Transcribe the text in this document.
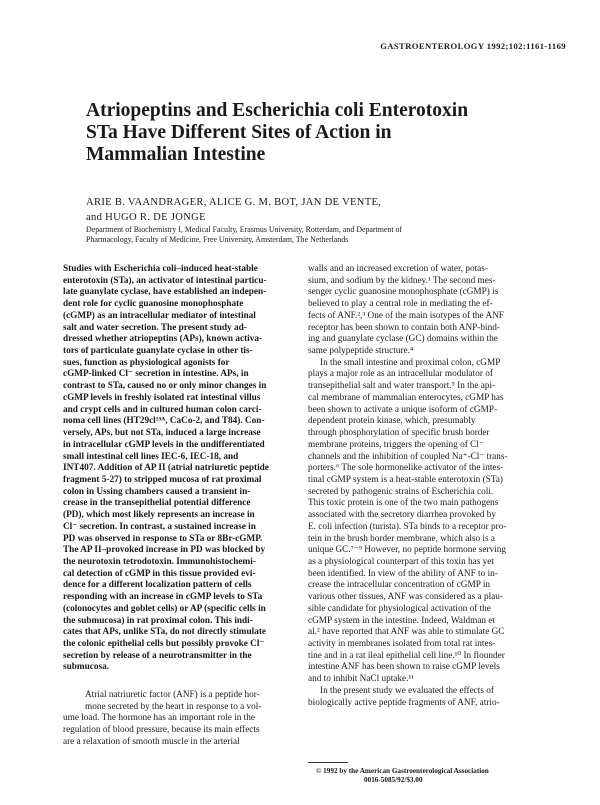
GASTROENTEROLOGY 1992;102:1161-1169
Atriopeptins and Escherichia coli Enterotoxin
STa Have Different Sites of Action in
Mammalian Intestine
ARIE B. VAANDRAGER, ALICE G. M. BOT, JAN DE VENTE,
and HUGO R. DE JONGE
Department of Biochemistry I, Medical Faculty, Erasmus University, Rotterdam, and Department of
Pharmacology, Faculty of Medicine, Free University, Amsterdam, The Netherlands
Studies with Escherichia coli–induced heat-stable
enterotoxin (STa), an activator of intestinal particu-
late guanylate cyclase, have established an indepen-
dent role for cyclic guanosine monophosphate
(cGMP) as an intracellular mediator of intestinal
salt and water secretion. The present study ad-
dressed whether atriopeptins (APs), known activa-
tors of particulate guanylate cyclase in other tis-
sues, function as physiological agonists for
cGMP-linked Cl⁻ secretion in intestine. APs, in
contrast to STa, caused no or only minor changes in
cGMP levels in freshly isolated rat intestinal villus
and crypt cells and in cultured human colon carci-
noma cell lines (HT29cl¹⁹ᴬ, CaCo-2, and T84). Con-
versely, APs, but not STa, induced a large increase
in intracellular cGMP levels in the undifferentiated
small intestinal cell lines IEC-6, IEC-18, and
INT407. Addition of AP II (atrial natriuretic peptide
fragment 5-27) to stripped mucosa of rat proximal
colon in Ussing chambers caused a transient in-
crease in the transepithelial potential difference
(PD), which most likely represents an increase in
Cl⁻ secretion. In contrast, a sustained increase in
PD was observed in response to STa or 8Br-cGMP.
The AP II–provoked increase in PD was blocked by
the neurotoxin tetrodotoxin. Immunohistochemi-
cal detection of cGMP in this tissue provided evi-
dence for a different localization pattern of cells
responding with an increase in cGMP levels to STa
(colonocytes and goblet cells) or AP (specific cells in
the submucosa) in rat proximal colon. This indi-
cates that APs, unlike STa, do not directly stimulate
the colonic epithelial cells but possibly provoke Cl⁻
secretion by release of a neurotransmitter in the
submucosa.
Atrial natriuretic factor (ANF) is a peptide hor-
mone secreted by the heart in response to a vol-
ume load. The hormone has an important role in the
regulation of blood pressure, because its main effects
are a relaxation of smooth muscle in the arterial
walls and an increased excretion of water, potas-
sium, and sodium by the kidney.¹ The second mes-
senger cyclic guanosine monophosphate (cGMP) is
believed to play a central role in mediating the ef-
fects of ANF.²,³ One of the main isotypes of the ANF
receptor has been shown to contain both ANP-bind-
ing and guanylate cyclase (GC) domains within the
same polypeptide structure.⁴
In the small intestine and proximal colon, cGMP
plays a major role as an intracellular modulator of
transepithelial salt and water transport.⁵ In the api-
cal membrane of mammalian enterocytes, cGMP has
been shown to activate a unique isoform of cGMP-
dependent protein kinase, which, presumably
through phosphorylation of specific brush border
membrane proteins, triggers the opening of Cl⁻
channels and the inhibition of coupled Na⁺-Cl⁻ trans-
porters.⁶ The sole hormonelike activator of the intes-
tinal cGMP system is a heat-stable enterotoxin (STa)
secreted by pathogenic strains of Escherichia coli.
This toxic protein is one of the two main pathogens
associated with the secretory diarrhea provoked by
E. coli infection (turista). STa binds to a receptor pro-
tein in the brush border membrane, which also is a
unique GC.⁷⁻⁹ However, no peptide hormone serving
as a physiological counterpart of this toxin has yet
been identified. In view of the ability of ANF to in-
crease the intracellular concentration of cGMP in
various other tissues, ANF was considered as a plau-
sible candidate for physiological activation of the
cGMP system in the intestine. Indeed, Waldman et
al.² have reported that ANF was able to stimulate GC
activity in membranes isolated from total rat intes-
tine and in a rat ileal epithelial cell line.¹⁰ In flounder
intestine ANF has been shown to raise cGMP levels
and to inhibit NaCl uptake.¹¹
In the present study we evaluated the effects of
biologically active peptide fragments of ANF, atrio-
© 1992 by the American Gastroenterological Association
0016-5085/92/$3.00
